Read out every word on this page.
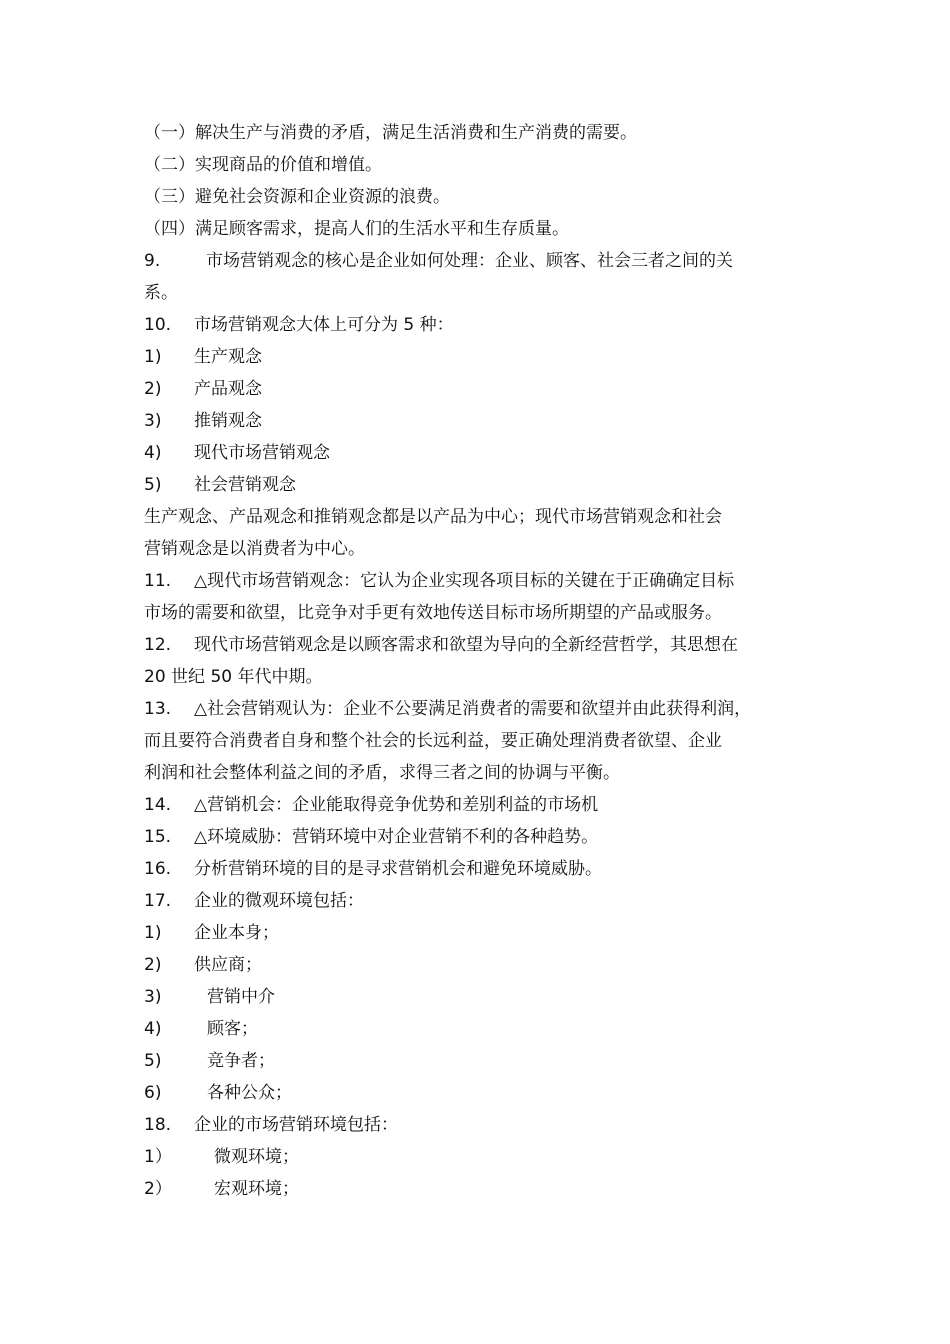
（一）解决生产与消费的矛盾，满足生活消费和生产消费的需要。
（二）实现商品的价值和增值。
（三）避免社会资源和企业资源的浪费。
（四）满足顾客需求，提高人们的生活水平和生存质量。
9.	市场营销观念的核心是企业如何处理：企业、顾客、社会三者之间的关
系。
10. 市场营销观念大体上可分为 5 种：
1) 生产观念
2) 产品观念
3) 推销观念
4) 现代市场营销观念
5) 社会营销观念
生产观念、产品观念和推销观念都是以产品为中心；现代市场营销观念和社会
营销观念是以消费者为中心。
11. △现代市场营销观念：它认为企业实现各项目标的关键在于正确确定目标
市场的需要和欲望，比竞争对手更有效地传送目标市场所期望的产品或服务。
12. 现代市场营销观念是以顾客需求和欲望为导向的全新经营哲学，其思想在
20 世纪 50 年代中期。
13. △社会营销观认为：企业不公要满足消费者的需要和欲望并由此获得利润，
而且要符合消费者自身和整个社会的长远利益，要正确处理消费者欲望、企业
利润和社会整体利益之间的矛盾，求得三者之间的协调与平衡。
14. △营销机会：企业能取得竞争优势和差别利益的市场机
15. △环境威胁：营销环境中对企业营销不利的各种趋势。
16. 分析营销环境的目的是寻求营销机会和避免环境威胁。
17. 企业的微观环境包括：
1) 企业本身；
2) 供应商；
3)	营销中介
4)	顾客；
5)	竞争者；
6)	各种公众；
18. 企业的市场营销环境包括：
1） 微观环境；
2） 宏观环境；
